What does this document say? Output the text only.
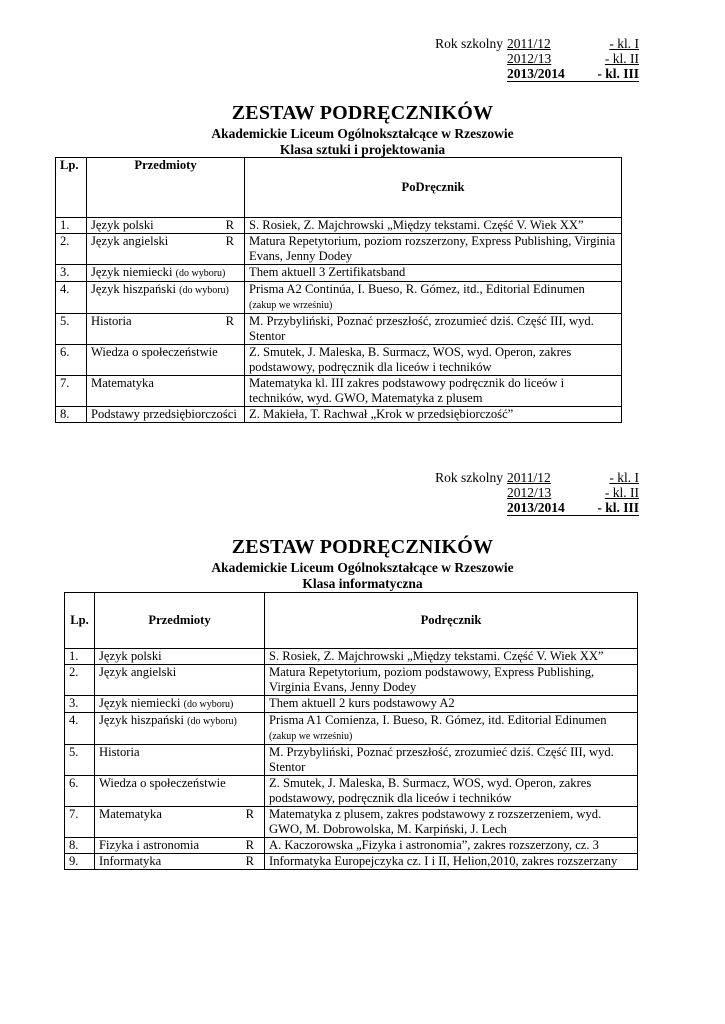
Rok szkolny 2011/12	- kl. I
2012/13	- kl. II
2013/2014	- kl. III
ZESTAW PODRĘCZNIKÓW
Akademickie Liceum Ogólnokształcące w Rzeszowie
Klasa sztuki i projektowania
Lp.	Przedmioty	PoDręcznik
1.	Język polski R	S. Rosiek, Z. Majchrowski „Między tekstami. Część V. Wiek XX”
2.	Język angielski R	Matura Repetytorium, poziom rozszerzony, Express Publishing, Virginia Evans, Jenny Dodey
3.	Język niemiecki (do wyboru)	Them aktuell 3 Zertifikatsband
4.	Język hiszpański (do wyboru)	Prisma A2 Continúa, I. Bueso, R. Gómez, itd., Editorial Edinumen
(zakup we wrześniu)
5.	Historia R	M. Przybyliński, Poznać przeszłość, zrozumieć dziś. Część III, wyd. Stentor
6.	Wiedza o społeczeństwie	Z. Smutek, J. Maleska, B. Surmacz, WOS, wyd. Operon, zakres podstawowy, podręcznik dla liceów i techników
7.	Matematyka	Matematyka kl. III zakres podstawowy podręcznik do liceów i techników, wyd. GWO, Matematyka z plusem
8.	Podstawy przedsiębiorczości	Z. Makieła, T. Rachwał „Krok w przedsiębiorczość”
Rok szkolny 2011/12	- kl. I
2012/13	- kl. II
2013/2014	- kl. III
ZESTAW PODRĘCZNIKÓW
Akademickie Liceum Ogólnokształcące w Rzeszowie
Klasa informatyczna
Lp.	Przedmioty	Podręcznik
1.	Język polski	S. Rosiek, Z. Majchrowski „Między tekstami. Część V. Wiek XX”
2.	Język angielski	Matura Repetytorium, poziom podstawowy, Express Publishing, Virginia Evans, Jenny Dodey
3.	Język niemiecki (do wyboru)	Them aktuell 2 kurs podstawowy A2
4.	Język hiszpański (do wyboru)	Prisma A1 Comienza, I. Bueso, R. Gómez, itd. Editorial Edinumen
(zakup we wrześniu)
5.	Historia	M. Przybyliński, Poznać przeszłość, zrozumieć dziś. Część III, wyd. Stentor
6.	Wiedza o społeczeństwie	Z. Smutek, J. Maleska, B. Surmacz, WOS, wyd. Operon, zakres podstawowy, podręcznik dla liceów i techników
7.	Matematyka R	Matematyka z plusem, zakres podstawowy z rozszerzeniem, wyd. GWO, M. Dobrowolska, M. Karpiński, J. Lech
8.	Fizyka i astronomia R	A. Kaczorowska „Fizyka i astronomia”, zakres rozszerzony, cz. 3
9.	Informatyka R	Informatyka Europejczyka cz. I i II, Helion,2010, zakres rozszerzany
